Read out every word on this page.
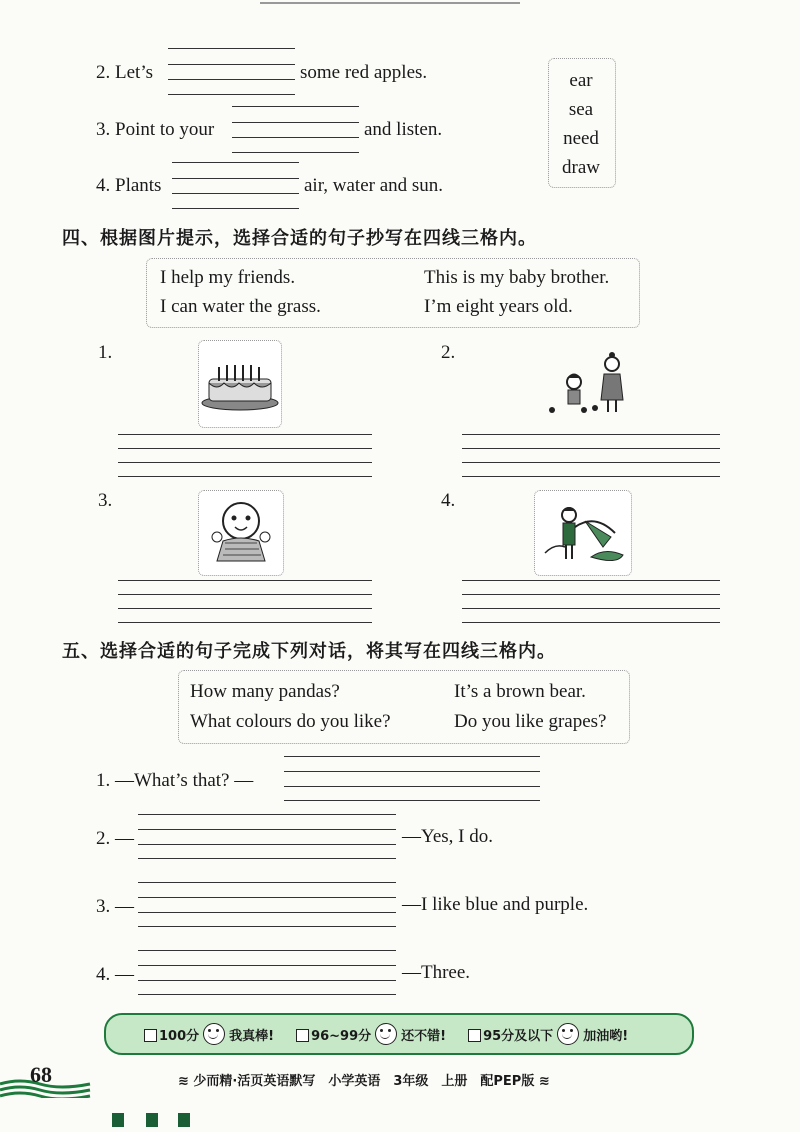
2. Let’s	some red apples.
3. Point to your	and listen.
4. Plants	air, water and sun.
ear
sea
need
draw
四、根据图片提示，选择合适的句子抄写在四线三格内。
I help my friends.	This is my baby brother.
I can water the grass.	I’m eight years old.
1.	2.
3.	4.
五、选择合适的句子完成下列对话，将其写在四线三格内。
How many pandas?	It’s a brown bear.
What colours do you like?	Do you like grapes?
1. —What’s that? —
2. —	—Yes, I do.
3. —	—I like blue and purple.
4. —	—Three.
100分 我真棒!	96~99分 还不错!	95分及以下 加油哟!
68	≋ 少而精·活页英语默写　小学英语　3年级　上册　配PEP版 ≋
